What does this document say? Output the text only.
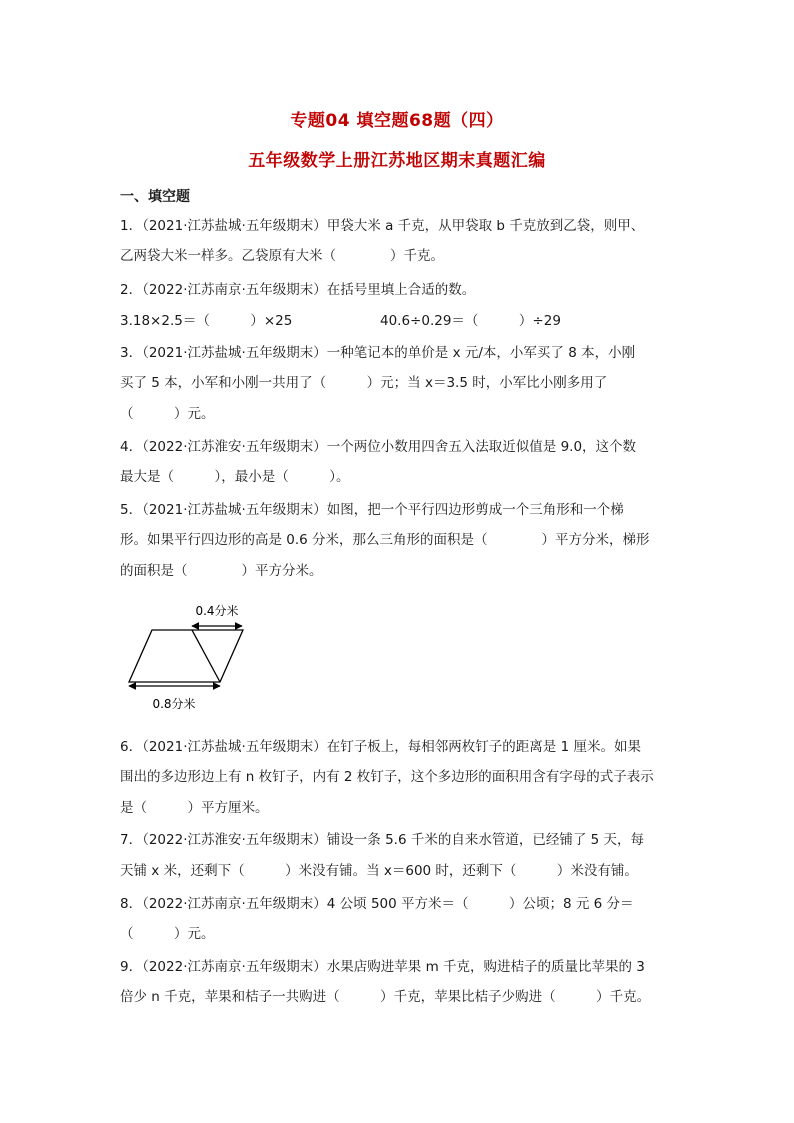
专题04 填空题68题（四）
五年级数学上册江苏地区期末真题汇编
一、填空题
1．（2021·江苏盐城·五年级期末）甲袋大米 a 千克，从甲袋取 b 千克放到乙袋，则甲、
乙两袋大米一样多。乙袋原有大米（　　　　）千克。
2．（2022·江苏南京·五年级期末）在括号里填上合适的数。
3.18×2.5＝（　　　）×25	40.6÷0.29＝（　　　）÷29
3．（2021·江苏盐城·五年级期末）一种笔记本的单价是 x 元/本，小军买了 8 本，小刚
买了 5 本，小军和小刚一共用了（　　　）元；当 x＝3.5 时，小军比小刚多用了
（　　　）元。
4．（2022·江苏淮安·五年级期末）一个两位小数用四舍五入法取近似值是 9.0，这个数
最大是（　　　），最小是（　　　）。
5．（2021·江苏盐城·五年级期末）如图，把一个平行四边形剪成一个三角形和一个梯
形。如果平行四边形的高是 0.6 分米，那么三角形的面积是（　　　　）平方分米，梯形
的面积是（　　　　）平方分米。
0.4分米
0.8分米
6．（2021·江苏盐城·五年级期末）在钉子板上，每相邻两枚钉子的距离是 1 厘米。如果
围出的多边形边上有 n 枚钉子，内有 2 枚钉子，这个多边形的面积用含有字母的式子表示
是（　　　）平方厘米。
7．（2022·江苏淮安·五年级期末）铺设一条 5.6 千米的自来水管道，已经铺了 5 天，每
天铺 x 米，还剩下（　　　）米没有铺。当 x＝600 时，还剩下（　　　）米没有铺。
8．（2022·江苏南京·五年级期末）4 公顷 500 平方米＝（　　　）公顷；8 元 6 分＝
（　　　）元。
9．（2022·江苏南京·五年级期末）水果店购进苹果 m 千克，购进桔子的质量比苹果的 3
倍少 n 千克，苹果和桔子一共购进（　　　）千克，苹果比桔子少购进（　　　）千克。
